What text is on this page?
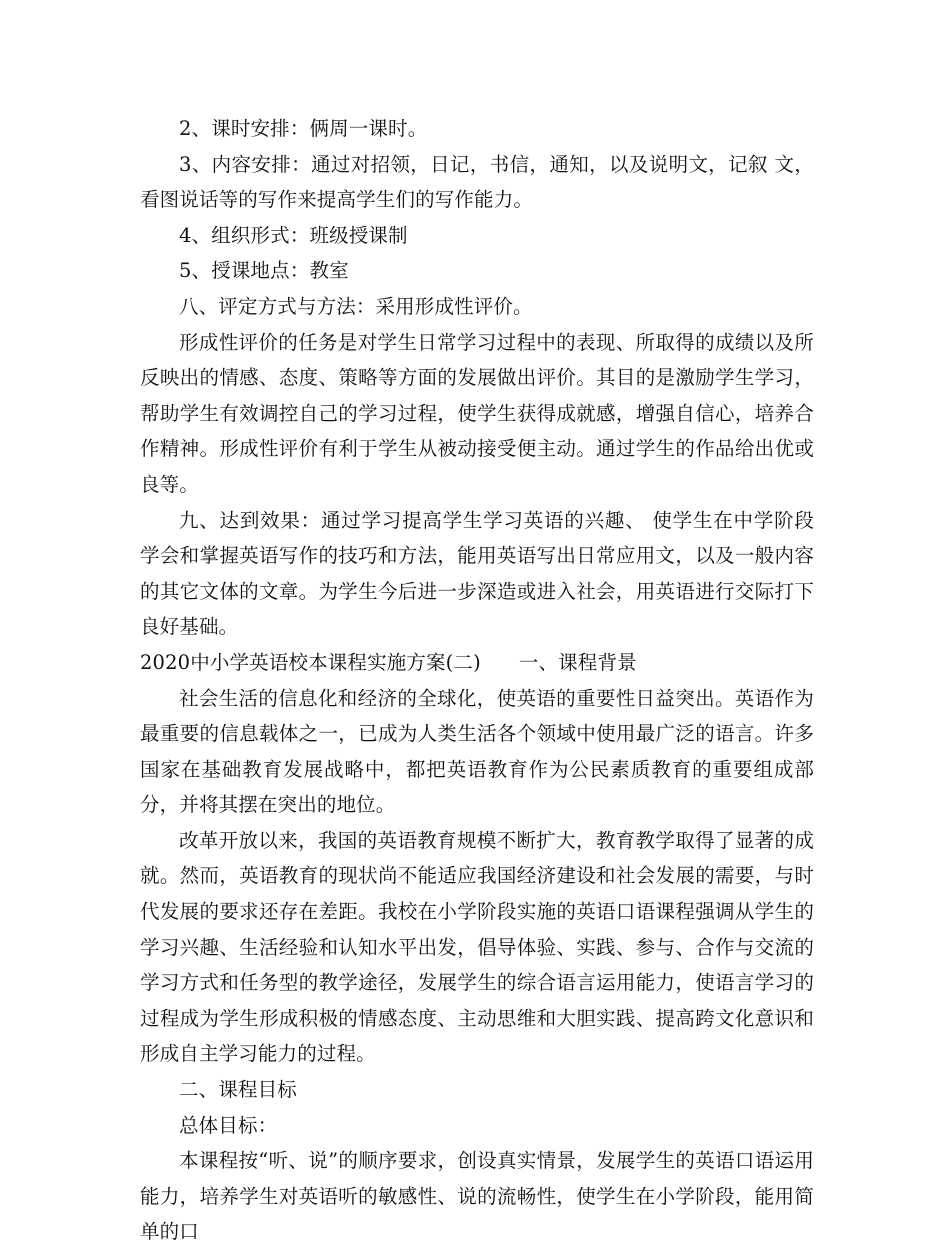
2、课时安排：俩周一课时。

3、内容安排：通过对招领，日记，书信，通知，以及说明文，记叙 文，看图说话等的写作来提高学生们的写作能力。

4、组织形式：班级授课制

5、授课地点：教室

八、评定方式与方法：采用形成性评价。

形成性评价的任务是对学生日常学习过程中的表现、所取得的成绩以及所反映出的情感、态度、策略等方面的发展做出评价。其目的是激励学生学习，帮助学生有效调控自己的学习过程，使学生获得成就感，增强自信心，培养合作精神。形成性评价有利于学生从被动接受便主动。通过学生的作品给出优或良等。

九、达到效果：通过学习提高学生学习英语的兴趣、 使学生在中学阶段学会和掌握英语写作的技巧和方法，能用英语写出日常应用文，以及一般内容的其它文体的文章。为学生今后进一步深造或进入社会，用英语进行交际打下良好基础。

2020中小学英语校本课程实施方案(二) 一、课程背景

社会生活的信息化和经济的全球化，使英语的重要性日益突出。英语作为最重要的信息载体之一，已成为人类生活各个领域中使用最广泛的语言。许多国家在基础教育发展战略中，都把英语教育作为公民素质教育的重要组成部分，并将其摆在突出的地位。

改革开放以来，我国的英语教育规模不断扩大，教育教学取得了显著的成就。然而，英语教育的现状尚不能适应我国经济建设和社会发展的需要，与时代发展的要求还存在差距。我校在小学阶段实施的英语口语课程强调从学生的学习兴趣、生活经验和认知水平出发，倡导体验、实践、参与、合作与交流的学习方式和任务型的教学途径，发展学生的综合语言运用能力，使语言学习的过程成为学生形成积极的情感态度、主动思维和大胆实践、提高跨文化意识和形成自主学习能力的过程。

二、课程目标

总体目标：

本课程按“听、说”的顺序要求，创设真实情景，发展学生的英语口语运用能力，培养学生对英语听的敏感性、说的流畅性，使学生在小学阶段，能用简单的口
